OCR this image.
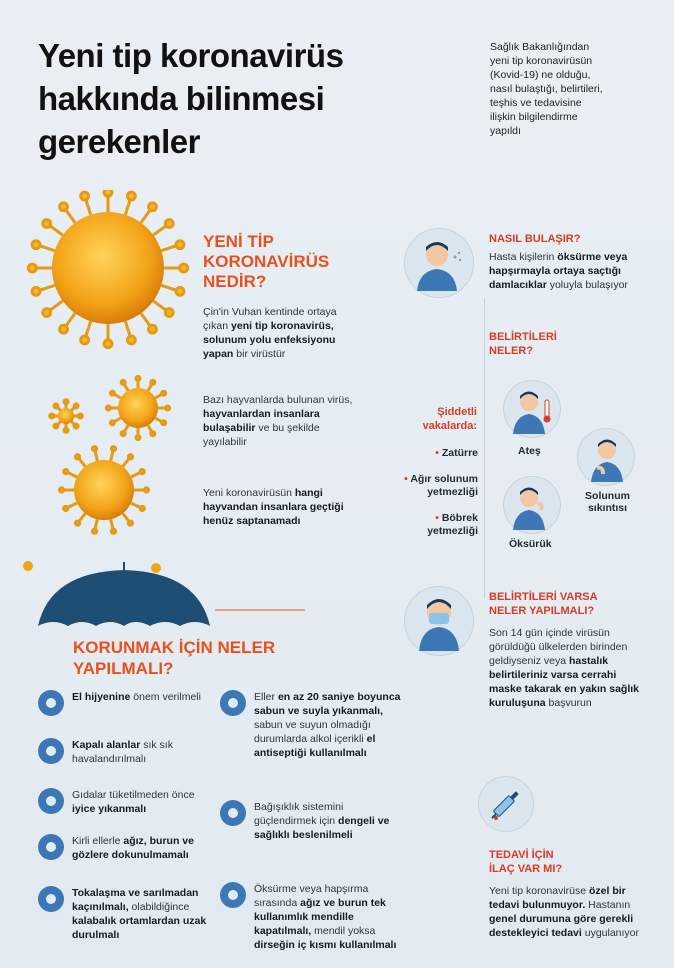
Yeni tip koronavirüs
hakkında bilinmesi
gerekenler
Sağlık Bakanlığından
yeni tip koronavirüsün
(Kovid-19) ne olduğu,
nasıl bulaştığı, belirtileri,
teşhis ve tedavisine
ilişkin bilgilendirme
yapıldı
YENİ TİP
KORONAVİRÜS
NEDİR?
Çin'in Vuhan kentinde ortaya çıkan yeni tip koronavirüs, solunum yolu enfeksiyonu yapan bir virüstür
Bazı hayvanlarda bulunan virüs, hayvanlardan insanlara bulaşabilir ve bu şekilde yayılabilir
Yeni koronavirüsün hangi hayvandan insanlara geçtiği henüz saptanamadı
NASIL BULAŞIR?
Hasta kişilerin öksürme veya hapşırmayla ortaya saçtığı damlacıklar yoluyla bulaşıyor
BELİRTİLERİ
NELER?
Şiddetli
vakalarda:
• Zatürre
• Ağır solunum
yetmezliği
• Böbrek
yetmezliği
Ateş
Solunum
sıkıntısı
Öksürük
BELİRTİLERİ VARSA
NELER YAPILMALI?
Son 14 gün içinde virüsün görüldüğü ülkelerden birinden geldiyseniz veya hastalık belirtileriniz varsa cerrahi maske takarak en yakın sağlık kuruluşuna başvurun
TEDAVİ İÇİN
İLAÇ VAR MI?
Yeni tip koronavirüse özel bir tedavi bulunmuyor. Hastanın genel durumuna göre gerekli destekleyici tedavi uygulanıyor
KORUNMAK İÇİN NELER
YAPILMALI?
El hijyenine önem verilmeli
Kapalı alanlar sık sık havalandırılmalı
Gıdalar tüketilmeden önce iyice yıkanmalı
Kirli ellerle ağız, burun ve gözlere dokunulmamalı
Tokalaşma ve sarılmadan kaçınılmalı, olabildiğince kalabalık ortamlardan uzak durulmalı
Eller en az 20 saniye boyunca sabun ve suyla yıkanmalı, sabun ve suyun olmadığı durumlarda alkol içerikli el antiseptiği kullanılmalı
Bağışıklık sistemini güçlendirmek için dengeli ve sağlıklı beslenilmeli
Öksürme veya hapşırma sırasında ağız ve burun tek kullanımlık mendille kapatılmalı, mendil yoksa dirseğin iç kısmı kullanılmalı
